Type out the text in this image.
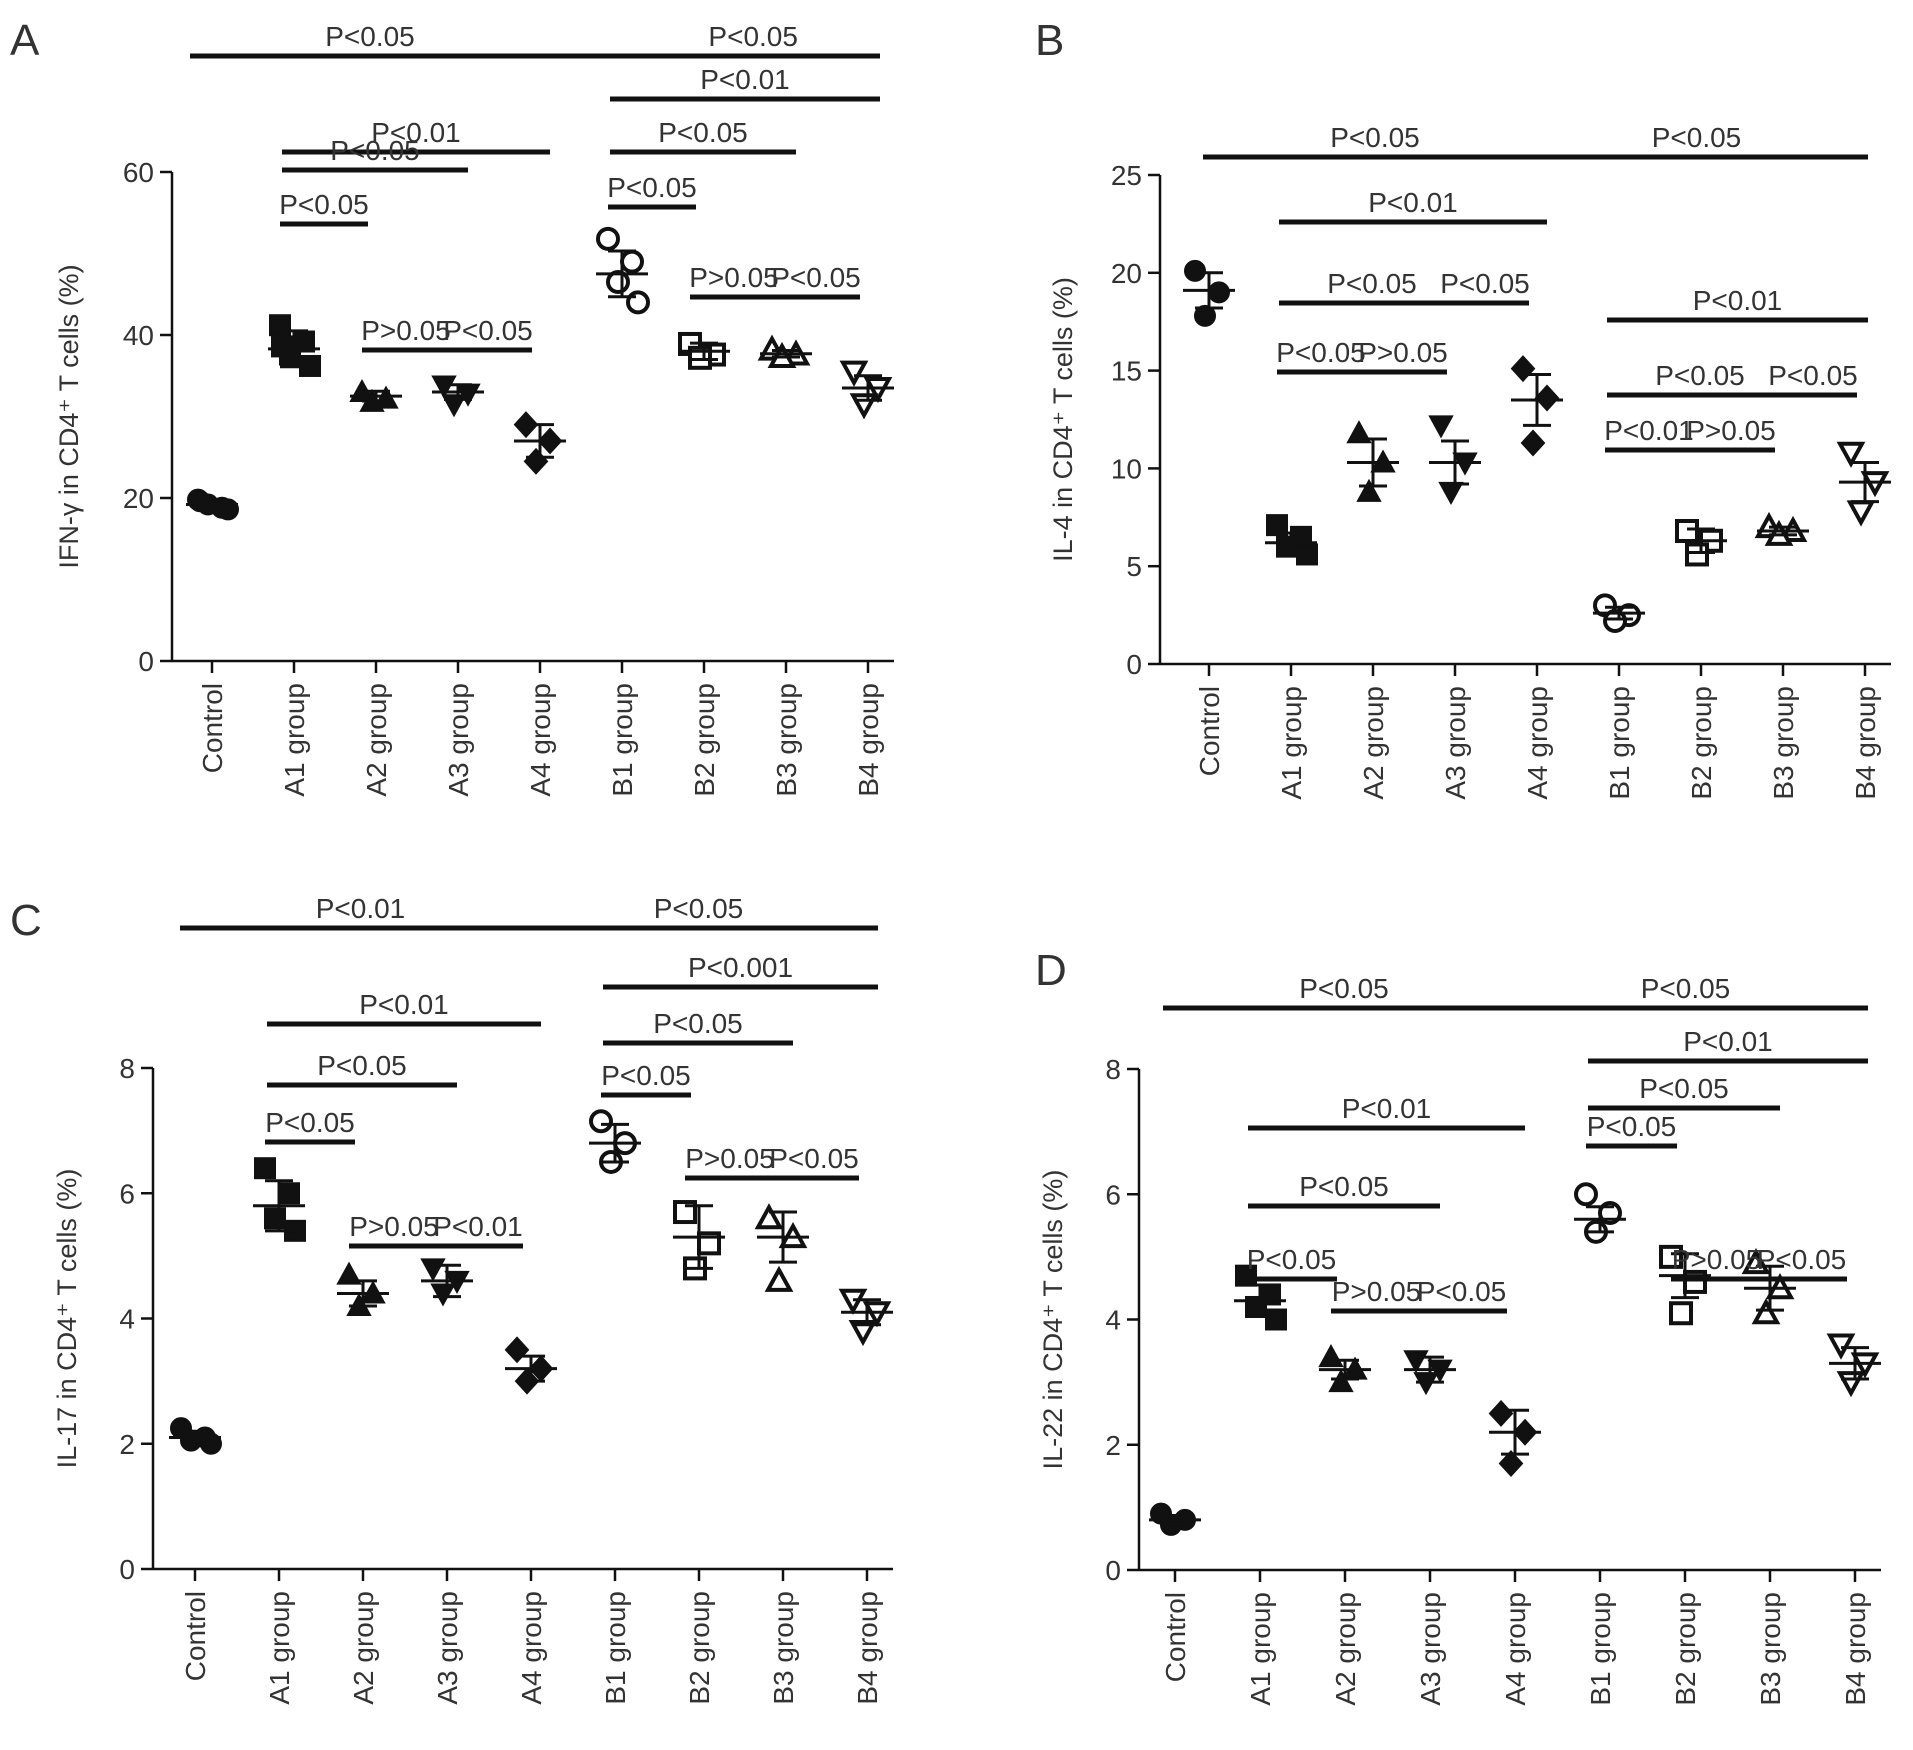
A
0
20
40
60
Control A1 group A2 group A3 group A4 group B1 group B2 group B3 group B4 group
IFN-γ in CD4⁺ T cells (%)
P<0.05	P<0.05
P<0.01
P<0.01	P<0.05
P<0.05
P<0.05
P<0.05
P>0.05
P<0.05
P>0.05
P<0.05
B
0
5
10
15
20
25
Control A1 group A2 group A3 group A4 group B1 group B2 group B3 group B4 group
IL-4 in CD4⁺ T cells (%)
P<0.05	P<0.05
P<0.01
P<0.05 P<0.05
P<0.01
P<0.05
P>0.05
P<0.05 P<0.05
P<0.01
P>0.05
C
0
2
4
6
8
Control A1 group A2 group A3 group A4 group B1 group B2 group B3 group B4 group
IL-17 in CD4⁺ T cells (%)
P<0.01	P<0.05
P<0.001
P<0.01
P<0.05
P<0.05	P<0.05
P<0.05
P>0.05
P<0.05
P>0.05
P<0.01
D
0
2
4
6
8
Control A1 group A2 group A3 group A4 group B1 group B2 group B3 group B4 group
IL-22 in CD4⁺ T cells (%)
P<0.05	P<0.05
P<0.01
P<0.05
P<0.01
P<0.05
P<0.05
P>0.05
P<0.05
P<0.05
P>0.05
P<0.05
